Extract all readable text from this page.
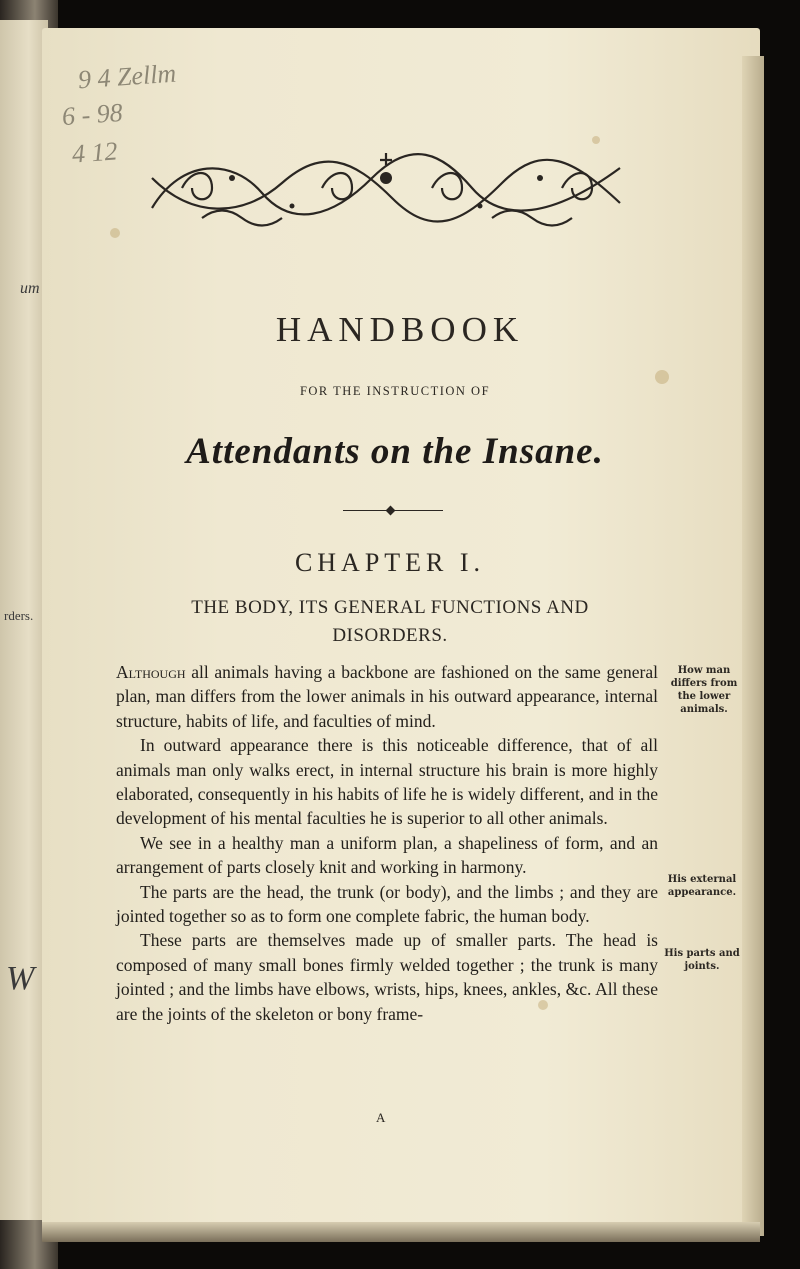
um
rders.
W
9 4 Zellm
6 - 98
4 12
HANDBOOK
FOR THE INSTRUCTION OF
Attendants on the Insane.
CHAPTER I.
THE BODY, ITS GENERAL FUNCTIONS AND
DISORDERS.

Although all animals having a backbone are fashioned on the same general plan, man differs from the lower animals in his outward appearance, internal structure, habits of life, and faculties of mind.

In outward appearance there is this noticeable difference, that of all animals man only walks erect, in internal structure his brain is more highly elaborated, consequently in his habits of life he is widely different, and in the development of his mental faculties he is superior to all other animals.

We see in a healthy man a uniform plan, a shapeliness of form, and an arrangement of parts closely knit and working in harmony.

The parts are the head, the trunk (or body), and the limbs ; and they are jointed together so as to form one complete fabric, the human body.

These parts are themselves made up of smaller parts. The head is composed of many small bones firmly welded together ; the trunk is many jointed ; and the limbs have elbows, wrists, hips, knees, ankles, &c. All these are the joints of the skeleton or bony frame-

How man differs from the lower animals.
His external appearance.
His parts and joints.
A
